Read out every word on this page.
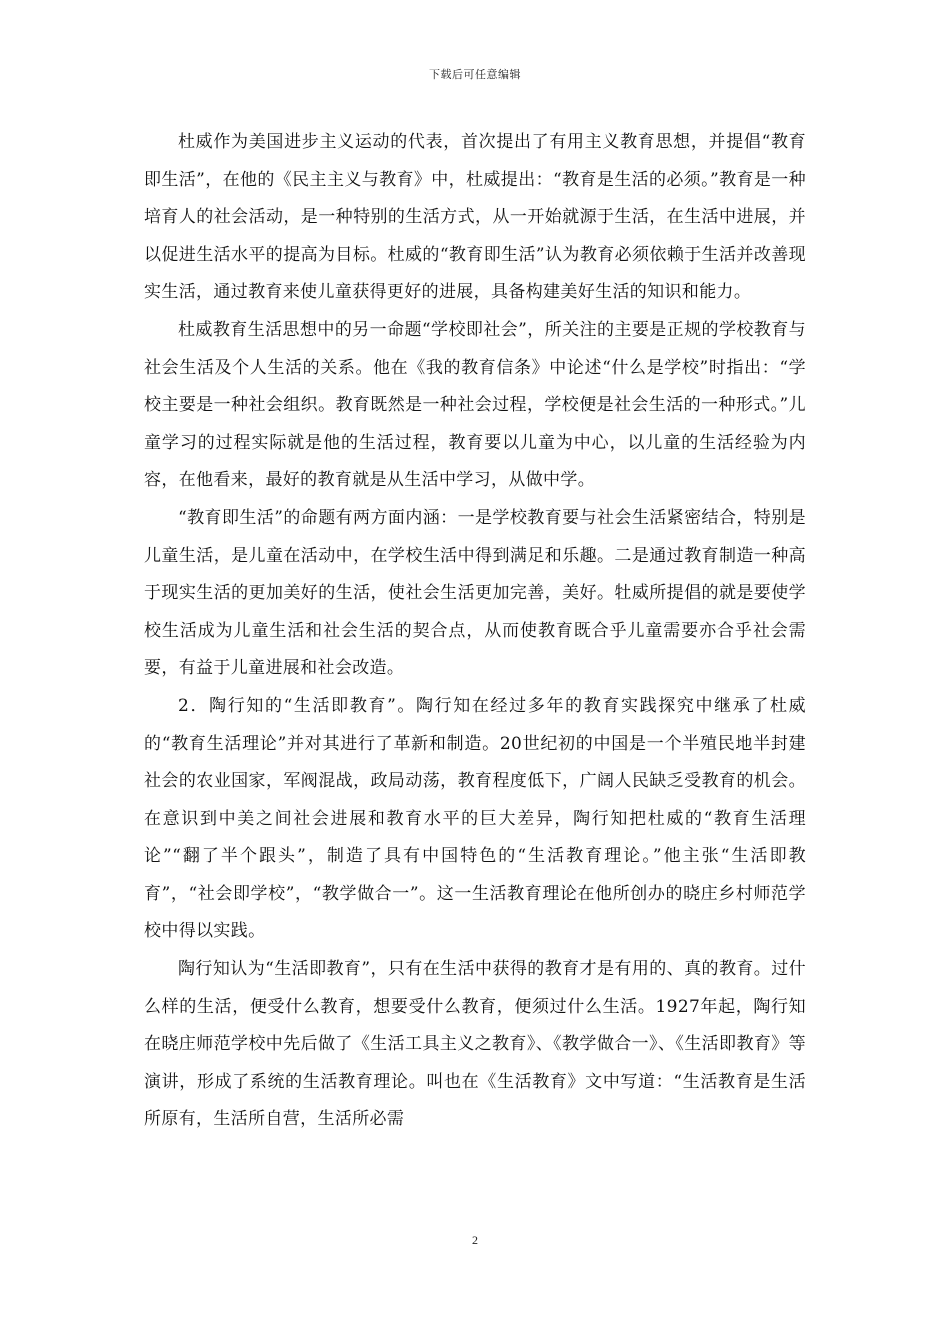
下载后可任意编辑

杜威作为美国进步主义运动的代表，首次提出了有用主义教育思想，并提倡“教育即生活”，在他的《民主主义与教育》中，杜威提出：“教育是生活的必须。”教育是一种培育人的社会活动，是一种特别的生活方式，从一开始就源于生活，在生活中进展，并以促进生活水平的提高为目标。杜威的“教育即生活”认为教育必须依赖于生活并改善现实生活，通过教育来使儿童获得更好的进展，具备构建美好生活的知识和能力。

杜威教育生活思想中的另一命题“学校即社会”，所关注的主要是正规的学校教育与社会生活及个人生活的关系。他在《我的教育信条》中论述“什么是学校”时指出：“学校主要是一种社会组织。教育既然是一种社会过程，学校便是社会生活的一种形式。”儿童学习的过程实际就是他的生活过程，教育要以儿童为中心，以儿童的生活经验为内容，在他看来，最好的教育就是从生活中学习，从做中学。

“教育即生活”的命题有两方面内涵：一是学校教育要与社会生活紧密结合，特别是儿童生活，是儿童在活动中，在学校生活中得到满足和乐趣。二是通过教育制造一种高于现实生活的更加美好的生活，使社会生活更加完善，美好。牡威所提倡的就是要使学校生活成为儿童生活和社会生活的契合点，从而使教育既合乎儿童需要亦合乎社会需要，有益于儿童进展和社会改造。

2．陶行知的“生活即教育”。陶行知在经过多年的教育实践探究中继承了杜威的“教育生活理论”并对其进行了革新和制造。20世纪初的中国是一个半殖民地半封建社会的农业国家，军阀混战，政局动荡，教育程度低下，广阔人民缺乏受教育的机会。在意识到中美之间社会进展和教育水平的巨大差异，陶行知把杜威的“教育生活理论”“翻了半个跟头”，制造了具有中国特色的“生活教育理论。”他主张“生活即教育”，“社会即学校”，“教学做合一”。这一生活教育理论在他所创办的晓庄乡村师范学校中得以实践。

陶行知认为“生活即教育”，只有在生活中获得的教育才是有用的、真的教育。过什么样的生活，便受什么教育，想要受什么教育，便须过什么生活。1927年起，陶行知在晓庄师范学校中先后做了《生活工具主义之教育》、《教学做合一》、《生活即教育》等演讲，形成了系统的生活教育理论。叫也在《生活教育》文中写道：“生活教育是生活所原有，生活所自营，生活所必需

2
